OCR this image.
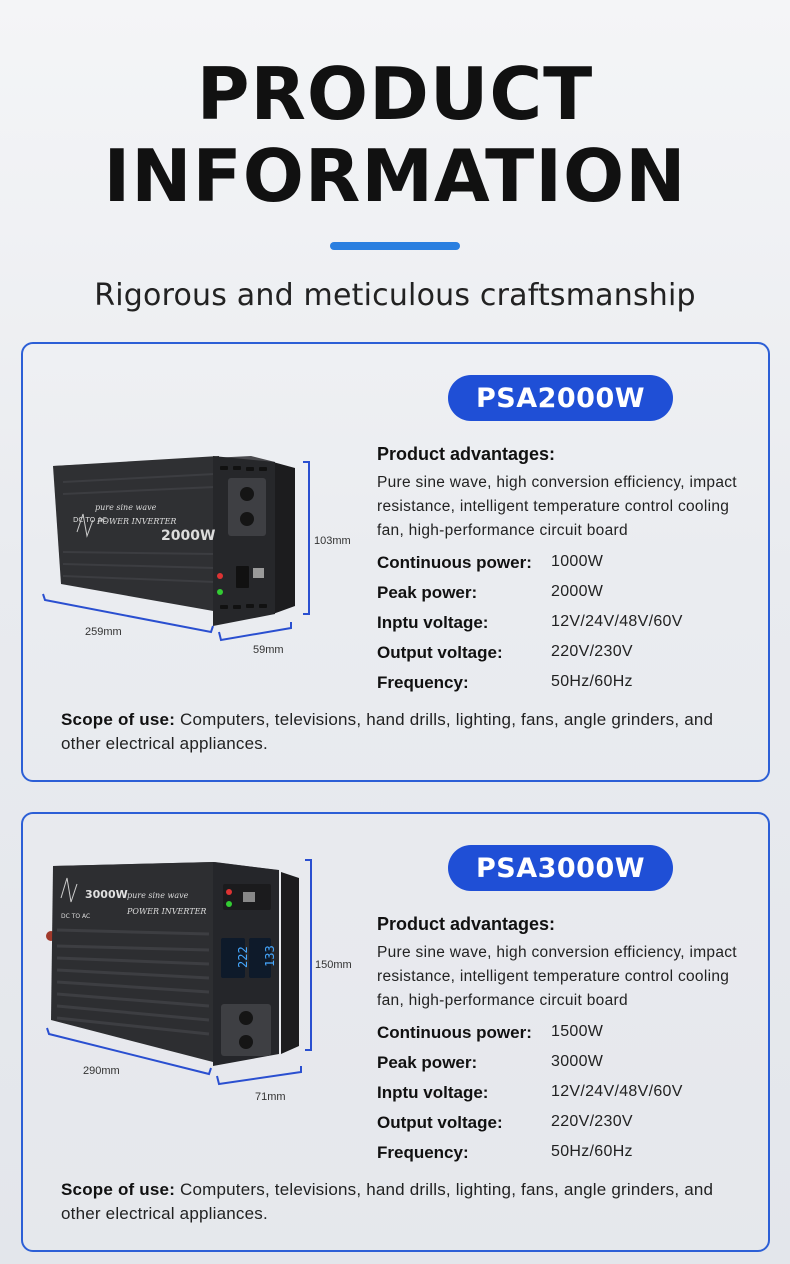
PRODUCT
INFORMATION
Rigorous and meticulous craftsmanship
DC TO AC
pure sine wave
POWER INVERTER
2000W	103mm
259mm
59mm
PSA2000W
Product advantages:
Pure sine wave, high conversion efficiency, impact resistance, intelligent temperature control cooling fan, high-performance circuit board
Continuous power: 1000W
Peak power:	2000W
Inptu voltage:	12V/24V/48V/60V
Output voltage:	220V/230V
Frequency:	50Hz/60Hz

Scope of use: Computers, televisions, hand drills, lighting, fans, angle grinders, and other electrical appliances.

222 133
DC TO AC
3000W pure sine wave
POWER INVERTER
150mm
290mm
71mm
PSA3000W
Product advantages:
Pure sine wave, high conversion efficiency, impact resistance, intelligent temperature control cooling fan, high-performance circuit board
Continuous power: 1500W
Peak power:	3000W
Inptu voltage:	12V/24V/48V/60V
Output voltage:	220V/230V
Frequency:	50Hz/60Hz

Scope of use: Computers, televisions, hand drills, lighting, fans, angle grinders, and other electrical appliances.
